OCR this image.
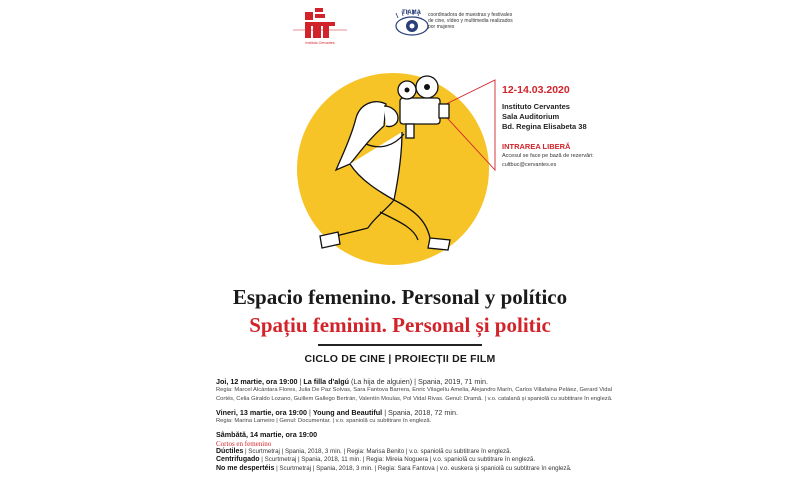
Instituto Cervantes
TIAMA coordinadora de muestras y festivales de cine, vídeo y multimedia realizados por mujeres
12-14.03.2020
Instituto Cervantes
Sala Auditorium
Bd. Regina Elisabeta 38
INTRAREA LIBERĂ
Accesul se face pe bază de rezervări:
cultbuc@cervantes.es
Espacio femenino. Personal y político
Spațiu feminin. Personal și politic
CICLO DE CINE | PROIECȚII DE FILM
Joi, 12 martie, ora 19:00 | La filla d'algú (La hija de alguien) | Spania, 2019, 71 min.
Regia: Marcel Alcántara Flores, Julia De Paz Solvas, Sara Fantova Barrera, Enric Vilagelíu Amelia, Alejandro Marín, Carlos Villafaina Peláez, Gerard Vidal Cortés, Celia Giraldo Lozano, Guillem Gallego Bertrán, Valentín Moulas, Pol Vidal Rivas. Genul: Dramă. | v.o. catalană și spaniolă cu subtitrare în engleză.
Vineri, 13 martie, ora 19:00 | Young and Beautiful | Spania, 2018, 72 min.
Regia: Marina Lameiro | Genul: Documentar. | v.o. spaniolă cu subtitrare în engleză.
Sâmbătă, 14 martie, ora 19:00
Cortos en femenino
Dúctiles | Scurtmetraj | Spania, 2018, 3 min. | Regia: Marisa Benito | v.o. spaniolă cu subtitrare în engleză.
Centrifugado | Scurtmetraj | Spania, 2018, 11 min. | Regia: Mireia Noguera | v.o. spaniolă cu subtitrare în engleză.
No me despertéis | Scurtmetraj | Spania, 2018, 3 min. | Regia: Sara Fantova | v.o. euskera și spaniolă cu subtitrare în engleză.
